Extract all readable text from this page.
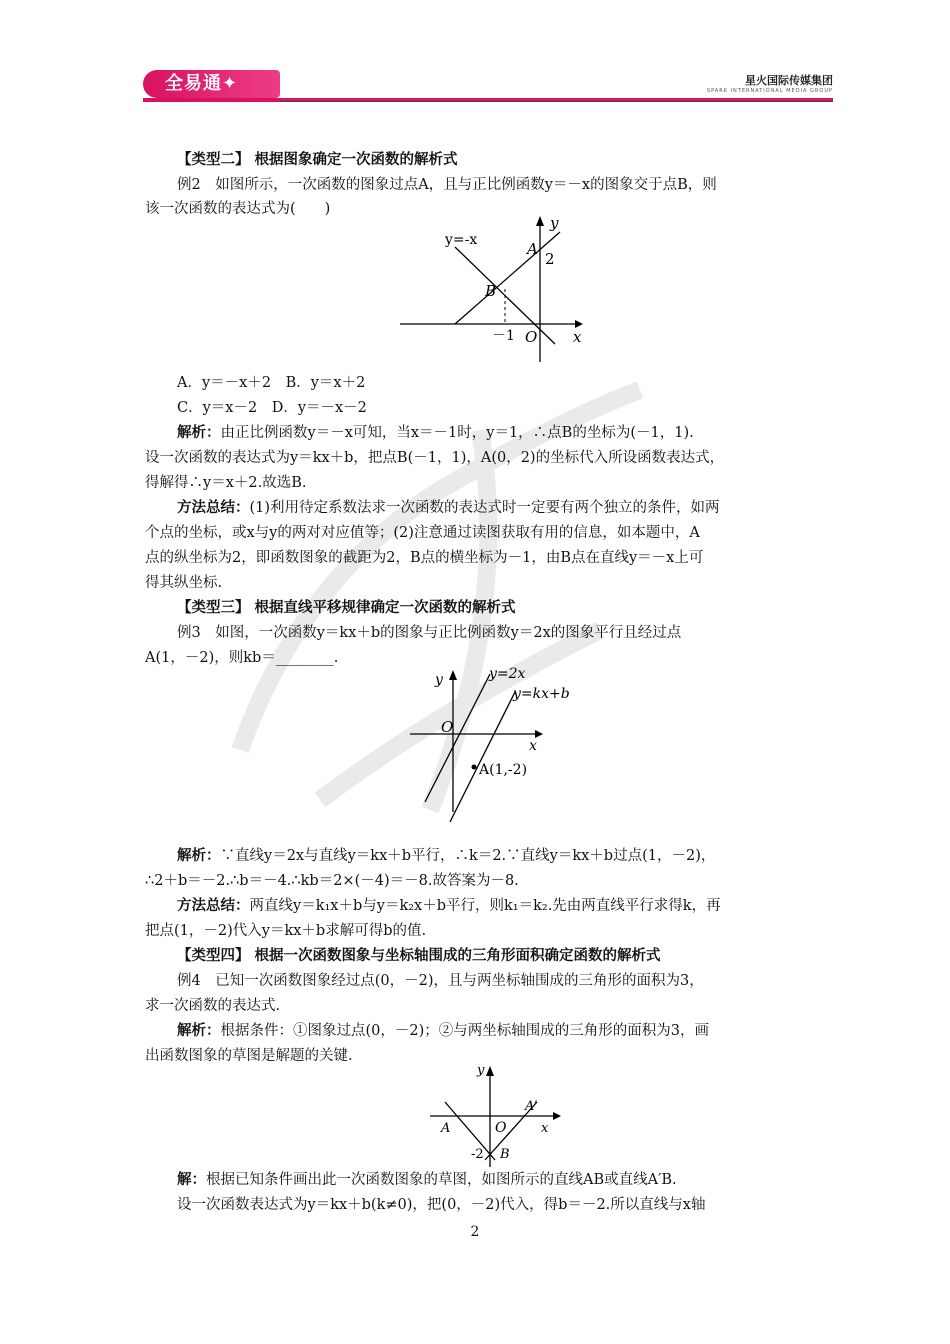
全易通✦	星火国际传媒集团
SPARK INTERNATIONAL MEDIA GROUP
【类型二】 根据图象确定一次函数的解析式
例2　如图所示，一次函数的图象过点A，且与正比例函数y＝－x的图象交于点B，则
该一次函数的表达式为(　　)
y=-x	A
B
y
x
O
2
－1
A．y＝－x＋2　B．y＝x＋2
C．y＝x－2　D．y＝－x－2
解析：由正比例函数y＝－x可知，当x＝－1时，y＝1，∴点B的坐标为(－1，1).
设一次函数的表达式为y＝kx＋b，把点B(－1，1)，A(0，2)的坐标代入所设函数表达式，
得解得∴y＝x＋2.故选B.
方法总结：(1)利用待定系数法求一次函数的表达式时一定要有两个独立的条件，如两
个点的坐标，或x与y的两对对应值等；(2)注意通过读图获取有用的信息，如本题中，A
点的纵坐标为2，即函数图象的截距为2，B点的横坐标为－1，由B点在直线y＝－x上可
得其纵坐标.
【类型三】 根据直线平移规律确定一次函数的解析式
例3　如图，一次函数y＝kx＋b的图象与正比例函数y＝2x的图象平行且经过点
A(1，－2)，则kb＝________.
y	y=2x
y=kx+b
O
x
A(1,-2)
解析：∵直线y＝2x与直线y＝kx＋b平行，∴k＝2.∵直线y＝kx＋b过点(1，－2)，
∴2＋b＝－2.∴b＝－4.∴kb＝2×(－4)＝－8.故答案为－8.
方法总结：两直线y＝k₁x＋b与y＝k₂x＋b平行，则k₁＝k₂.先由两直线平行求得k，再
把点(1，－2)代入y＝kx＋b求解可得b的值.
【类型四】 根据一次函数图象与坐标轴围成的三角形面积确定函数的解析式
例4　已知一次函数图象经过点(0，－2)，且与两坐标轴围成的三角形的面积为3，
求一次函数的表达式.
解析：根据条件：①图象过点(0，－2)；②与两坐标轴围成的三角形的面积为3，画
出函数图象的草图是解题的关键.
y
A′
A	O	x
-2 B
解：根据已知条件画出此一次函数图象的草图，如图所示的直线AB或直线A′B.
设一次函数表达式为y＝kx＋b(k≠0)，把(0，－2)代入，得b＝－2.所以直线与x轴
2
